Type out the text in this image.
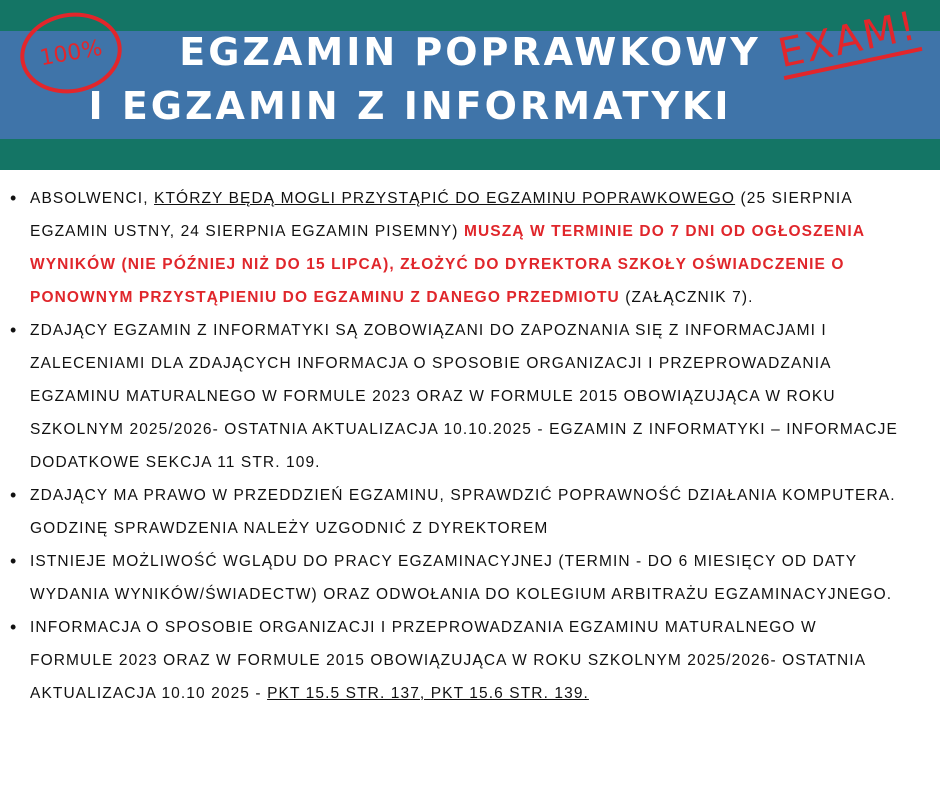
100%	EGZAMIN POPRAWKOWY
I EGZAMIN Z INFORMATYKI
EXAM!
• ABSOLWENCI, KTÓRZY BĘDĄ MOGLI PRZYSTĄPIĆ DO EGZAMINU POPRAWKOWEGO (25 SIERPNIA EGZAMIN USTNY, 24 SIERPNIA EGZAMIN PISEMNY) MUSZĄ W TERMINIE DO 7 DNI OD OGŁOSZENIA WYNIKÓW (NIE PÓŹNIEJ NIŻ DO 15 LIPCA), ZŁOŻYĆ DO DYREKTORA SZKOŁY OŚWIADCZENIE O PONOWNYM PRZYSTĄPIENIU DO EGZAMINU Z DANEGO PRZEDMIOTU (ZAŁĄCZNIK 7).
• ZDAJĄCY EGZAMIN Z INFORMATYKI SĄ ZOBOWIĄZANI DO ZAPOZNANIA SIĘ Z INFORMACJAMI I ZALECENIAMI DLA ZDAJĄCYCH INFORMACJA O SPOSOBIE ORGANIZACJI I PRZEPROWADZANIA EGZAMINU MATURALNEGO W FORMULE 2023 ORAZ W FORMULE 2015 OBOWIĄZUJĄCA W ROKU SZKOLNYM 2025/2026- OSTATNIA AKTUALIZACJA 10.10.2025 - EGZAMIN Z INFORMATYKI – INFORMACJE DODATKOWE SEKCJA 11 STR. 109.
• ZDAJĄCY MA PRAWO W PRZEDDZIEŃ EGZAMINU, SPRAWDZIĆ POPRAWNOŚĆ DZIAŁANIA KOMPUTERA. GODZINĘ SPRAWDZENIA NALEŻY UZGODNIĆ Z DYREKTOREM
• ISTNIEJE MOŻLIWOŚĆ WGLĄDU DO PRACY EGZAMINACYJNEJ (TERMIN - DO 6 MIESIĘCY OD DATY WYDANIA WYNIKÓW/ŚWIADECTW) ORAZ ODWOŁANIA DO KOLEGIUM ARBITRAŻU EGZAMINACYJNEGO.
• INFORMACJA O SPOSOBIE ORGANIZACJI I PRZEPROWADZANIA EGZAMINU MATURALNEGO W FORMULE 2023 ORAZ W FORMULE 2015 OBOWIĄZUJĄCA W ROKU SZKOLNYM 2025/2026- OSTATNIA AKTUALIZACJA 10.10 2025 - PKT 15.5 STR. 137, PKT 15.6 STR. 139.
